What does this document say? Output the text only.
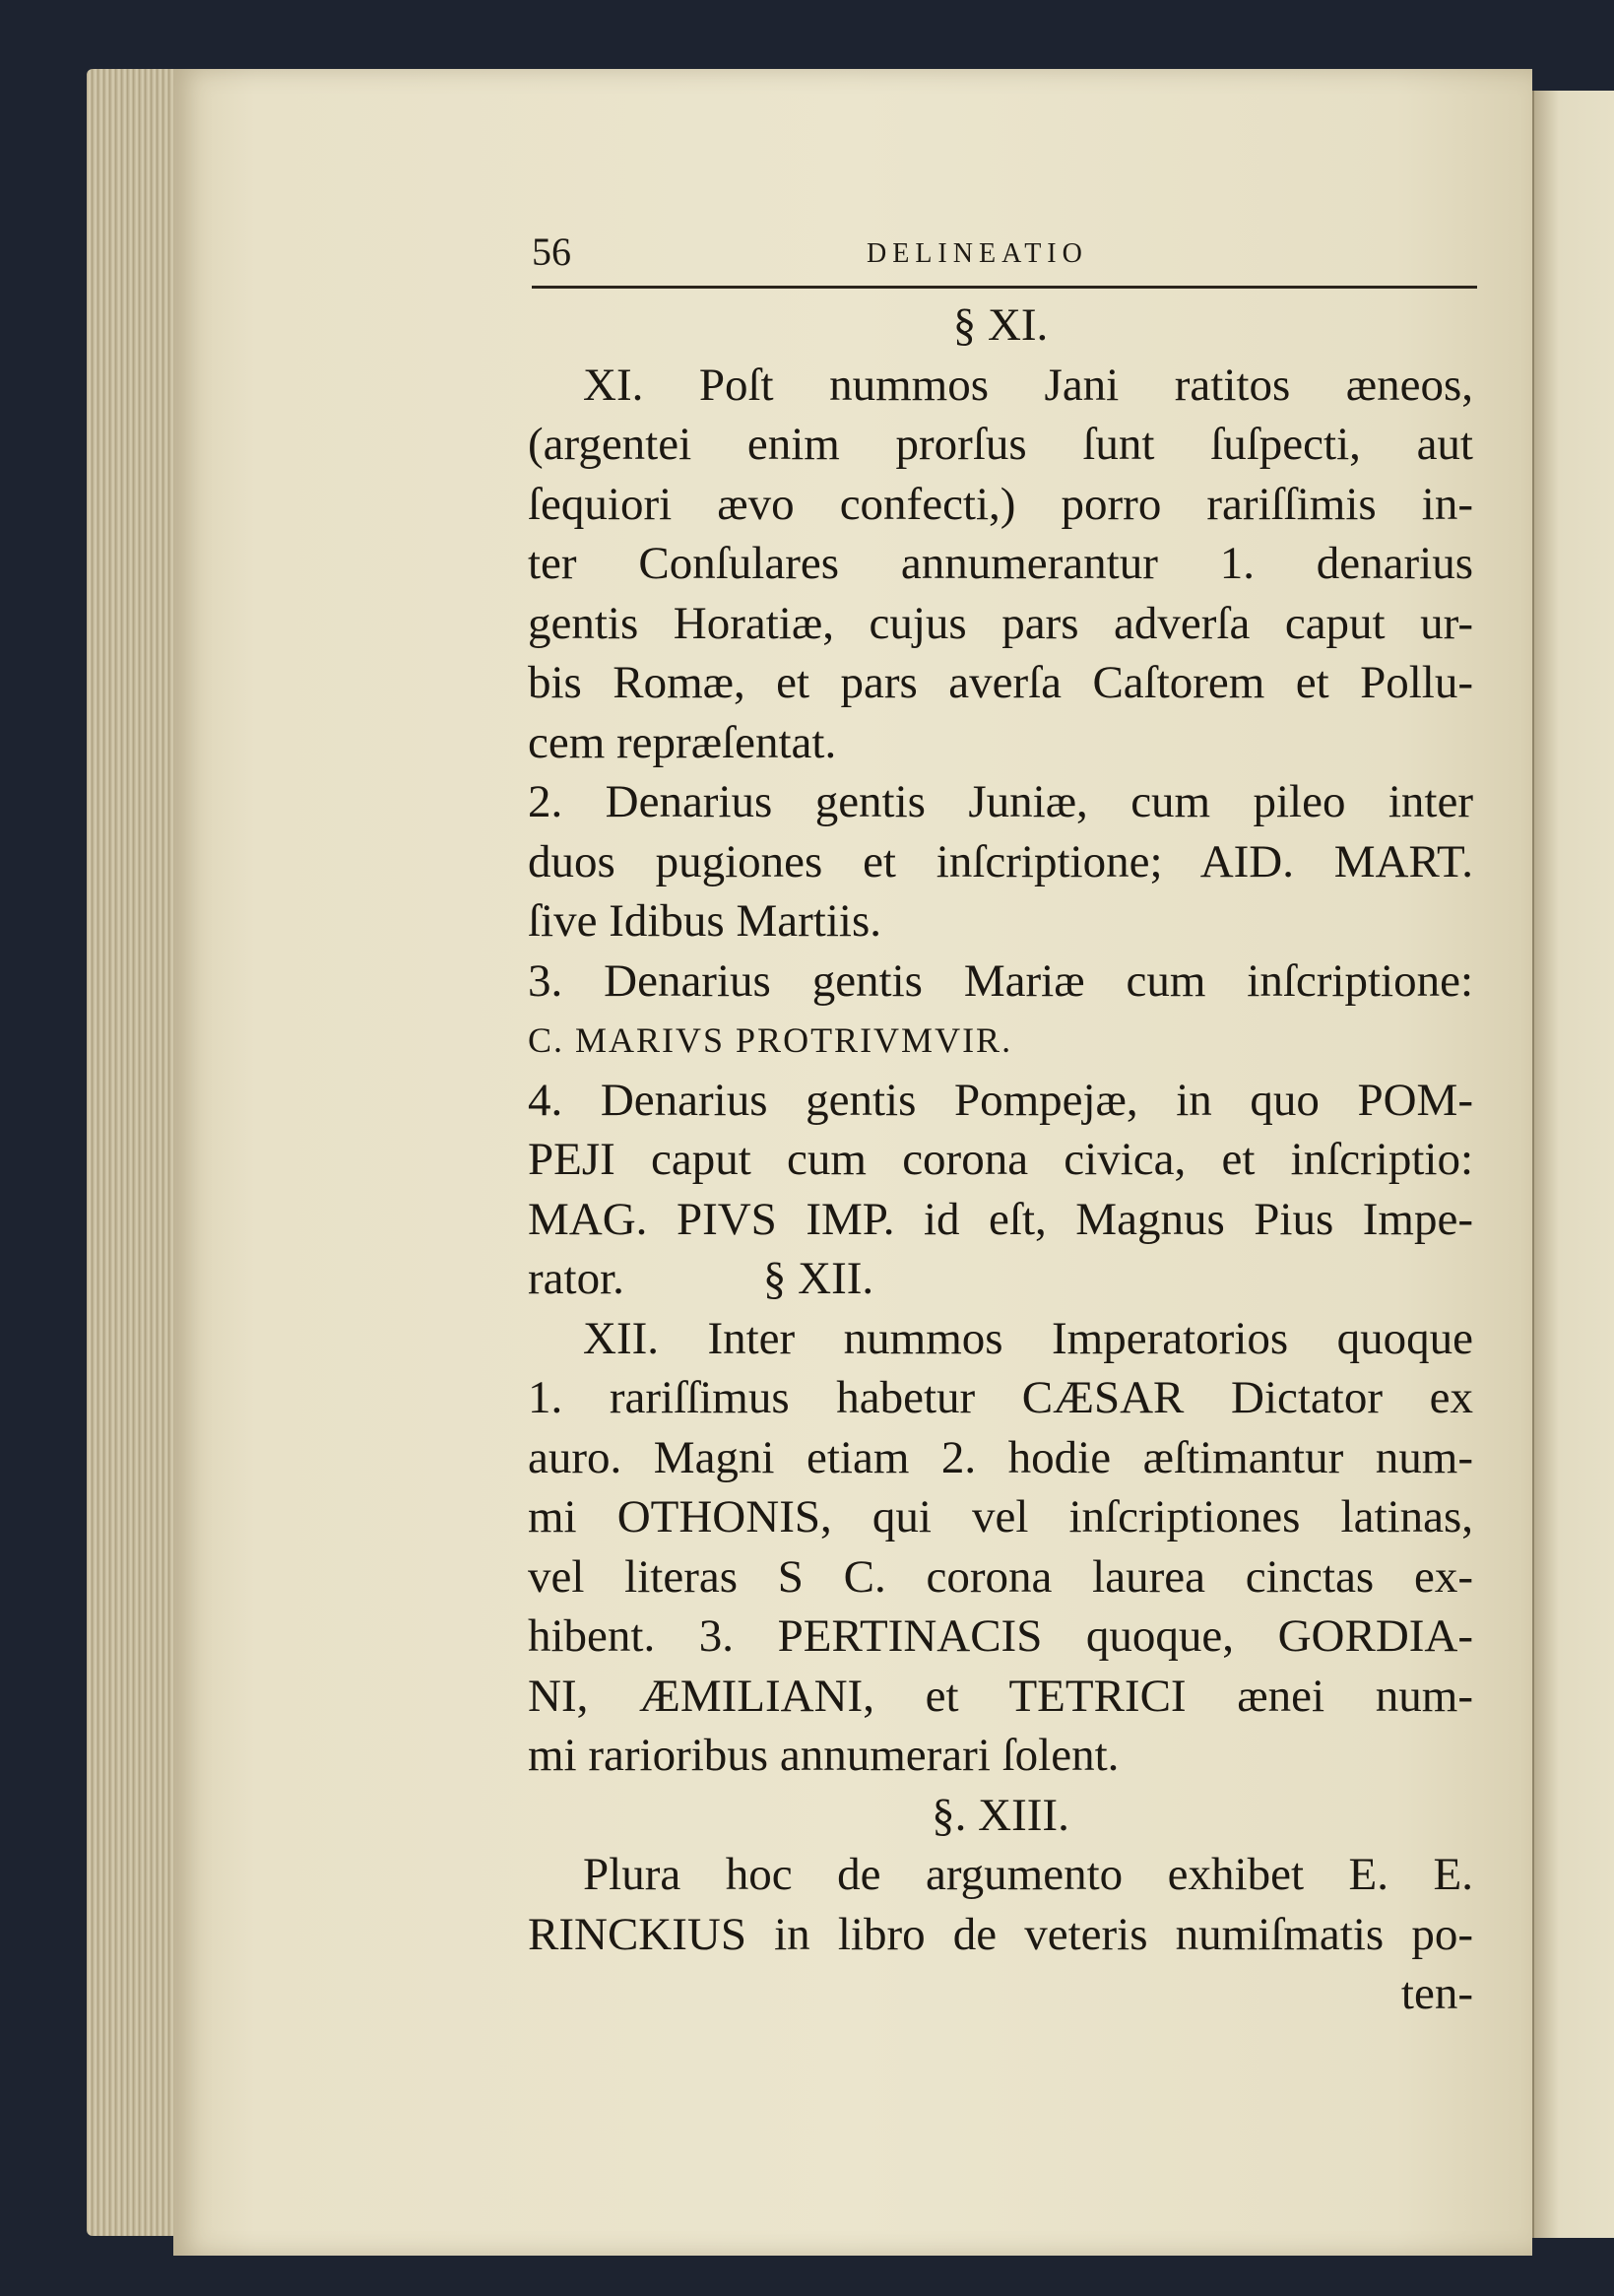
56	DELINEATIO
§ XI.
XI. Poſt nummos Jani ratitos æneos,
(argentei enim prorſus ſunt ſuſpecti, aut
ſequiori ævo confecti,) porro rariſſimis in-
ter Conſulares annumerantur 1. denarius
gentis Horatiæ, cujus pars adverſa caput ur-
bis Romæ, et pars averſa Caſtorem et Pollu-
cem repræſentat.
2. Denarius gentis Juniæ, cum pileo inter
duos pugiones et inſcriptione; AID. MART.
ſive Idibus Martiis.
3. Denarius gentis Mariæ cum inſcriptione:
C. MARIVS PROTRIVMVIR.
4. Denarius gentis Pompejæ, in quo POM-
PEJI caput cum corona civica, et inſcriptio:
MAG. PIVS IMP. id eſt, Magnus Pius Impe-
rator.            § XII.
XII. Inter nummos Imperatorios quoque
1. rariſſimus habetur CÆSAR Dictator ex
auro. Magni etiam 2. hodie æſtimantur num-
mi OTHONIS, qui vel inſcriptiones latinas,
vel literas S C. corona laurea cinctas ex-
hibent. 3. PERTINACIS quoque, GORDIA-
NI, ÆMILIANI, et TETRICI ænei num-
mi rarioribus annumerari ſolent.
§. XIII.
Plura hoc de argumento exhibet E. E.
RINCKIUS in libro de veteris numiſmatis po-
ten-
